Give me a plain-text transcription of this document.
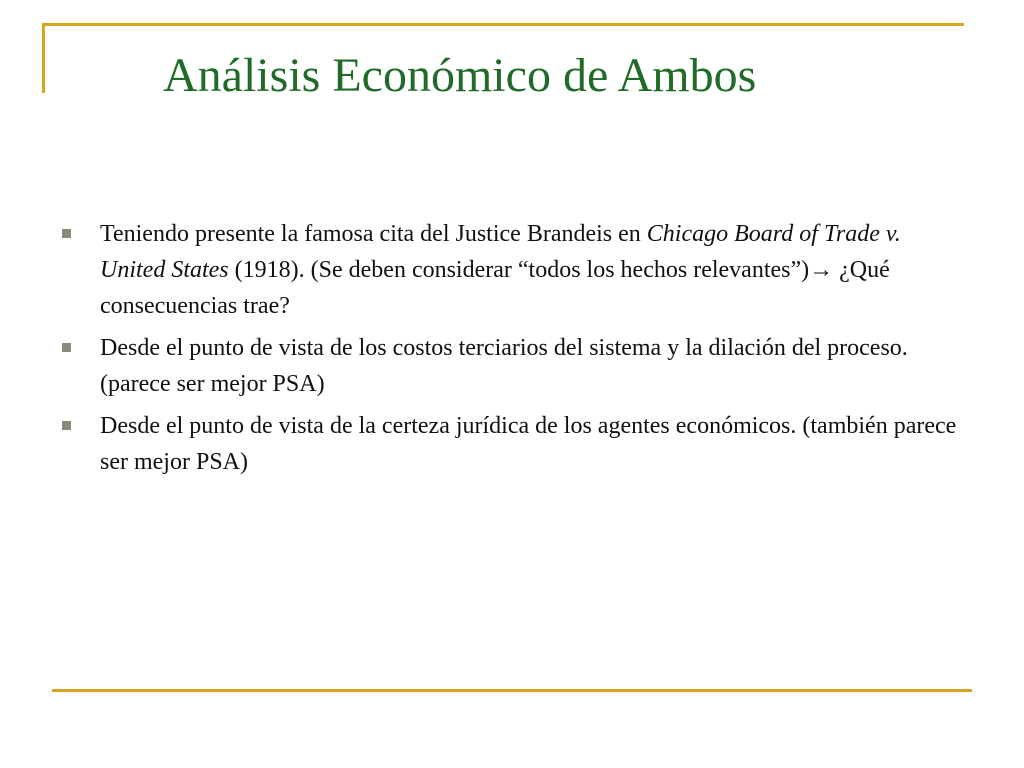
Análisis Económico de Ambos
Teniendo presente la famosa cita del Justice Brandeis en Chicago Board of Trade v. United States (1918). (Se deben considerar “todos los hechos relevantes”)→ ¿Qué consecuencias trae?
Desde el punto de vista de los costos terciarios del sistema y la dilación del proceso. (parece ser mejor PSA)
Desde el punto de vista de la certeza jurídica de los agentes económicos. (también parece ser mejor PSA)
